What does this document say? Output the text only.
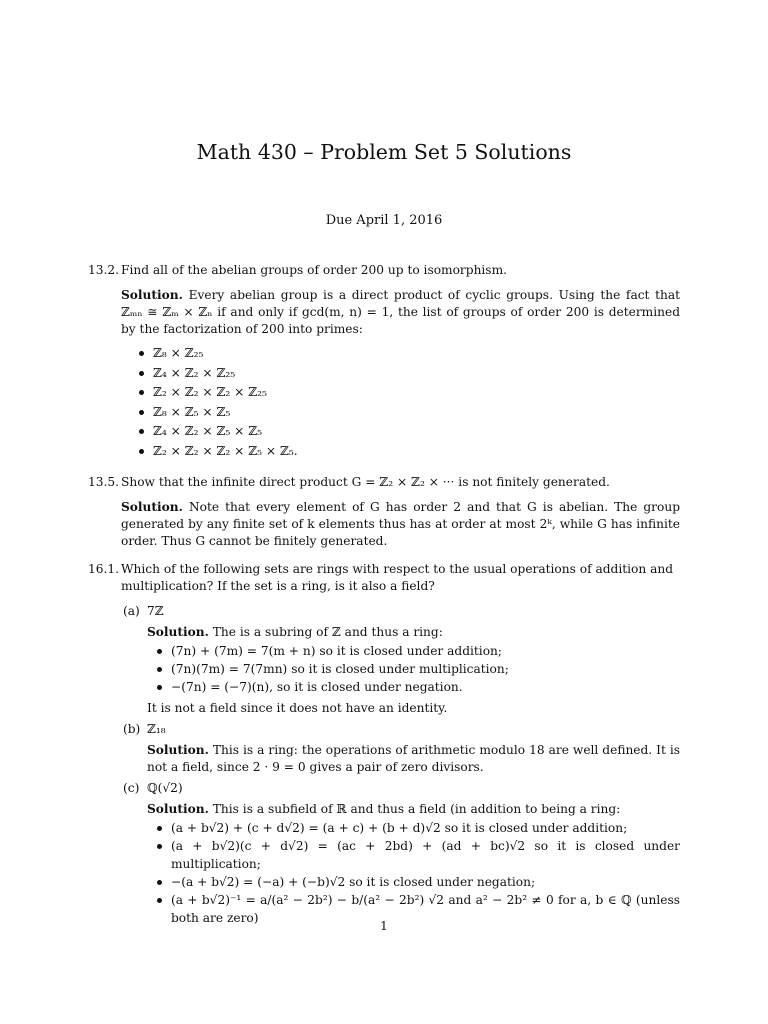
Math 430 – Problem Set 5 Solutions
Due April 1, 2016
13.2. Find all of the abelian groups of order 200 up to isomorphism.
Solution. Every abelian group is a direct product of cyclic groups. Using the fact that ℤₘₙ ≅ ℤₘ × ℤₙ if and only if gcd(m, n) = 1, the list of groups of order 200 is determined by the factorization of 200 into primes:
ℤ₈ × ℤ₂₅
ℤ₄ × ℤ₂ × ℤ₂₅
ℤ₂ × ℤ₂ × ℤ₂ × ℤ₂₅
ℤ₈ × ℤ₅ × ℤ₅
ℤ₄ × ℤ₂ × ℤ₅ × ℤ₅
ℤ₂ × ℤ₂ × ℤ₂ × ℤ₅ × ℤ₅.
13.5. Show that the infinite direct product G = ℤ₂ × ℤ₂ × ··· is not finitely generated.
Solution. Note that every element of G has order 2 and that G is abelian. The group generated by any finite set of k elements thus has at order at most 2ᵏ, while G has infinite order. Thus G cannot be finitely generated.
16.1. Which of the following sets are rings with respect to the usual operations of addition and multiplication? If the set is a ring, is it also a field?
(a) 7ℤ
Solution. The is a subring of ℤ and thus a ring:
(7n) + (7m) = 7(m + n) so it is closed under addition;
(7n)(7m) = 7(7mn) so it is closed under multiplication;
−(7n) = (−7)(n), so it is closed under negation.
It is not a field since it does not have an identity.
(b) ℤ₁₈
Solution. This is a ring: the operations of arithmetic modulo 18 are well defined. It is not a field, since 2 · 9 = 0 gives a pair of zero divisors.
(c) ℚ(√2)
Solution. This is a subfield of ℝ and thus a field (in addition to being a ring:
(a + b√2) + (c + d√2) = (a + c) + (b + d)√2 so it is closed under addition;
(a + b√2)(c + d√2) = (ac + 2bd) + (ad + bc)√2 so it is closed under multiplication;
−(a + b√2) = (−a) + (−b)√2 so it is closed under negation;
(a + b√2)⁻¹ = a/(a² − 2b²) − b/(a² − 2b²) √2 and a² − 2b² ≠ 0 for a, b ∈ ℚ (unless both are zero)
1
